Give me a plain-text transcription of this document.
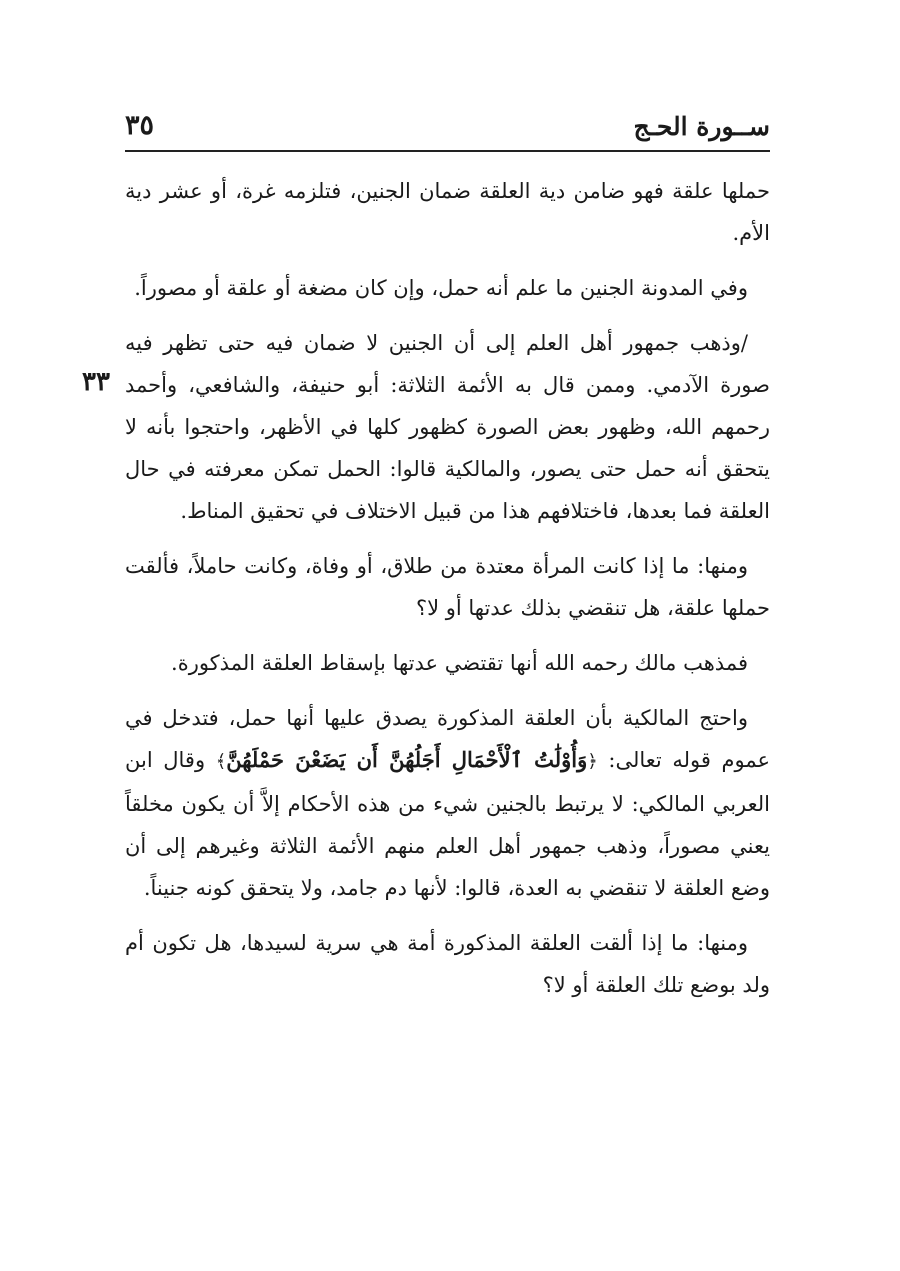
ســورة الحـج
٣٥
٣٣

حملها علقة فهو ضامن دية العلقة ضمان الجنين، فتلزمه غرة، أو عشر دية الأم.

وفي المدونة الجنين ما علم أنه حمل، وإن كان مضغة أو علقة أو مصوراً.

/وذهب جمهور أهل العلم إلى أن الجنين لا ضمان فيه حتى تظهر فيه صورة الآدمي. وممن قال به الأئمة الثلاثة: أبو حنيفة، والشافعي، وأحمد رحمهم الله، وظهور بعض الصورة كظهور كلها في الأظهر، واحتجوا بأنه لا يتحقق أنه حمل حتى يصور، والمالكية قالوا: الحمل تمكن معرفته في حال العلقة فما بعدها، فاختلافهم هذا من قبيل الاختلاف في تحقيق المناط.

ومنها: ما إذا كانت المرأة معتدة من طلاق، أو وفاة، وكانت حاملاً، فألقت حملها علقة، هل تنقضي بذلك عدتها أو لا؟

فمذهب مالك رحمه الله أنها تقتضي عدتها بإسقاط العلقة المذكورة.

واحتج المالكية بأن العلقة المذكورة يصدق عليها أنها حمل، فتدخل في عموم قوله تعالى: ﴿وَأُوْلَٰتُ ٱلْأَحْمَالِ أَجَلُهُنَّ أَن يَضَعْنَ حَمْلَهُنَّ﴾ وقال ابن العربي المالكي: لا يرتبط بالجنين شيء من هذه الأحكام إلاَّ أن يكون مخلقاً يعني مصوراً، وذهب جمهور أهل العلم منهم الأئمة الثلاثة وغيرهم إلى أن وضع العلقة لا تنقضي به العدة، قالوا: لأنها دم جامد، ولا يتحقق كونه جنيناً.

ومنها: ما إذا ألقت العلقة المذكورة أمة هي سرية لسيدها، هل تكون أم ولد بوضع تلك العلقة أو لا؟
